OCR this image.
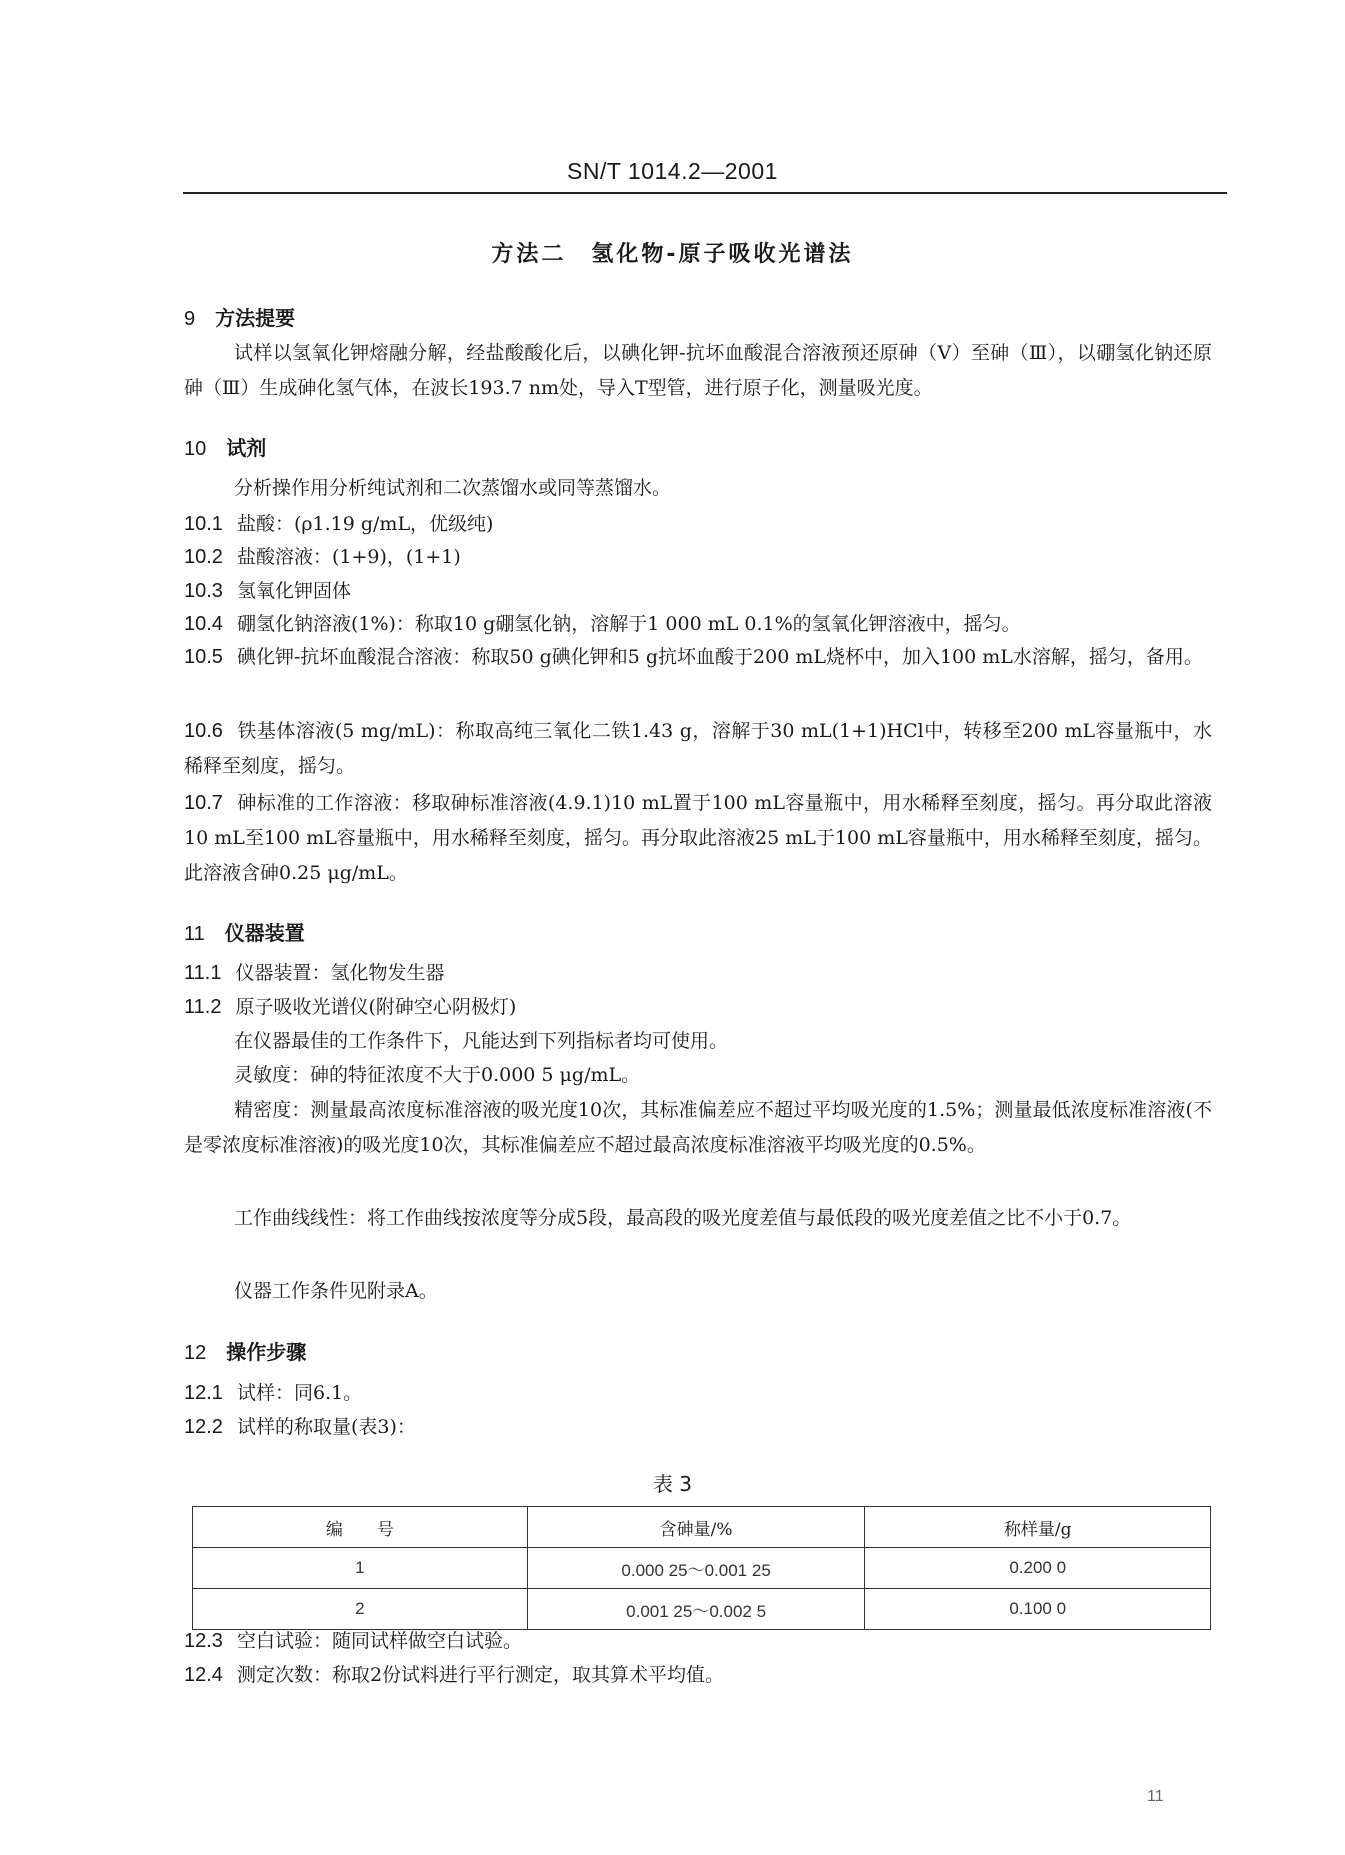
SN/T 1014.2—2001
方法二　氢化物-原子吸收光谱法
9 方法提要
试样以氢氧化钾熔融分解，经盐酸酸化后，以碘化钾-抗坏血酸混合溶液预还原砷（Ⅴ）至砷（Ⅲ），以硼氢化钠还原砷（Ⅲ）生成砷化氢气体，在波长193.7 nm处，导入T型管，进行原子化，测量吸光度。
10 试剂
分析操作用分析纯试剂和二次蒸馏水或同等蒸馏水。
10.1 盐酸：(ρ1.19 g/mL，优级纯)
10.2 盐酸溶液：(1+9)，(1+1)
10.3 氢氧化钾固体
10.4 硼氢化钠溶液(1%)：称取10 g硼氢化钠，溶解于1 000 mL 0.1%的氢氧化钾溶液中，摇匀。
10.5 碘化钾-抗坏血酸混合溶液：称取50 g碘化钾和5 g抗坏血酸于200 mL烧杯中，加入100 mL水溶解，摇匀，备用。
10.6 铁基体溶液(5 mg/mL)：称取高纯三氧化二铁1.43 g，溶解于30 mL(1+1)HCl中，转移至200 mL容量瓶中，水稀释至刻度，摇匀。
10.7 砷标准的工作溶液：移取砷标准溶液(4.9.1)10 mL置于100 mL容量瓶中，用水稀释至刻度，摇匀。再分取此溶液10 mL至100 mL容量瓶中，用水稀释至刻度，摇匀。再分取此溶液25 mL于100 mL容量瓶中，用水稀释至刻度，摇匀。此溶液含砷0.25 μg/mL。
11 仪器装置
11.1 仪器装置：氢化物发生器
11.2 原子吸收光谱仪(附砷空心阴极灯)
在仪器最佳的工作条件下，凡能达到下列指标者均可使用。
灵敏度：砷的特征浓度不大于0.000 5 μg/mL。
精密度：测量最高浓度标准溶液的吸光度10次，其标准偏差应不超过平均吸光度的1.5%；测量最低浓度标准溶液(不是零浓度标准溶液)的吸光度10次，其标准偏差应不超过最高浓度标准溶液平均吸光度的0.5%。
工作曲线线性：将工作曲线按浓度等分成5段，最高段的吸光度差值与最低段的吸光度差值之比不小于0.7。
仪器工作条件见附录A。
12 操作步骤
12.1 试样：同6.1。
12.2 试样的称取量(表3)：
表 3
编　　号	含砷量/%	称样量/g
1	0.000 25～0.001 25	0.200 0
2	0.001 25～0.002 5	0.100 0
12.3 空白试验：随同试样做空白试验。
12.4 测定次数：称取2份试料进行平行测定，取其算术平均值。
11
